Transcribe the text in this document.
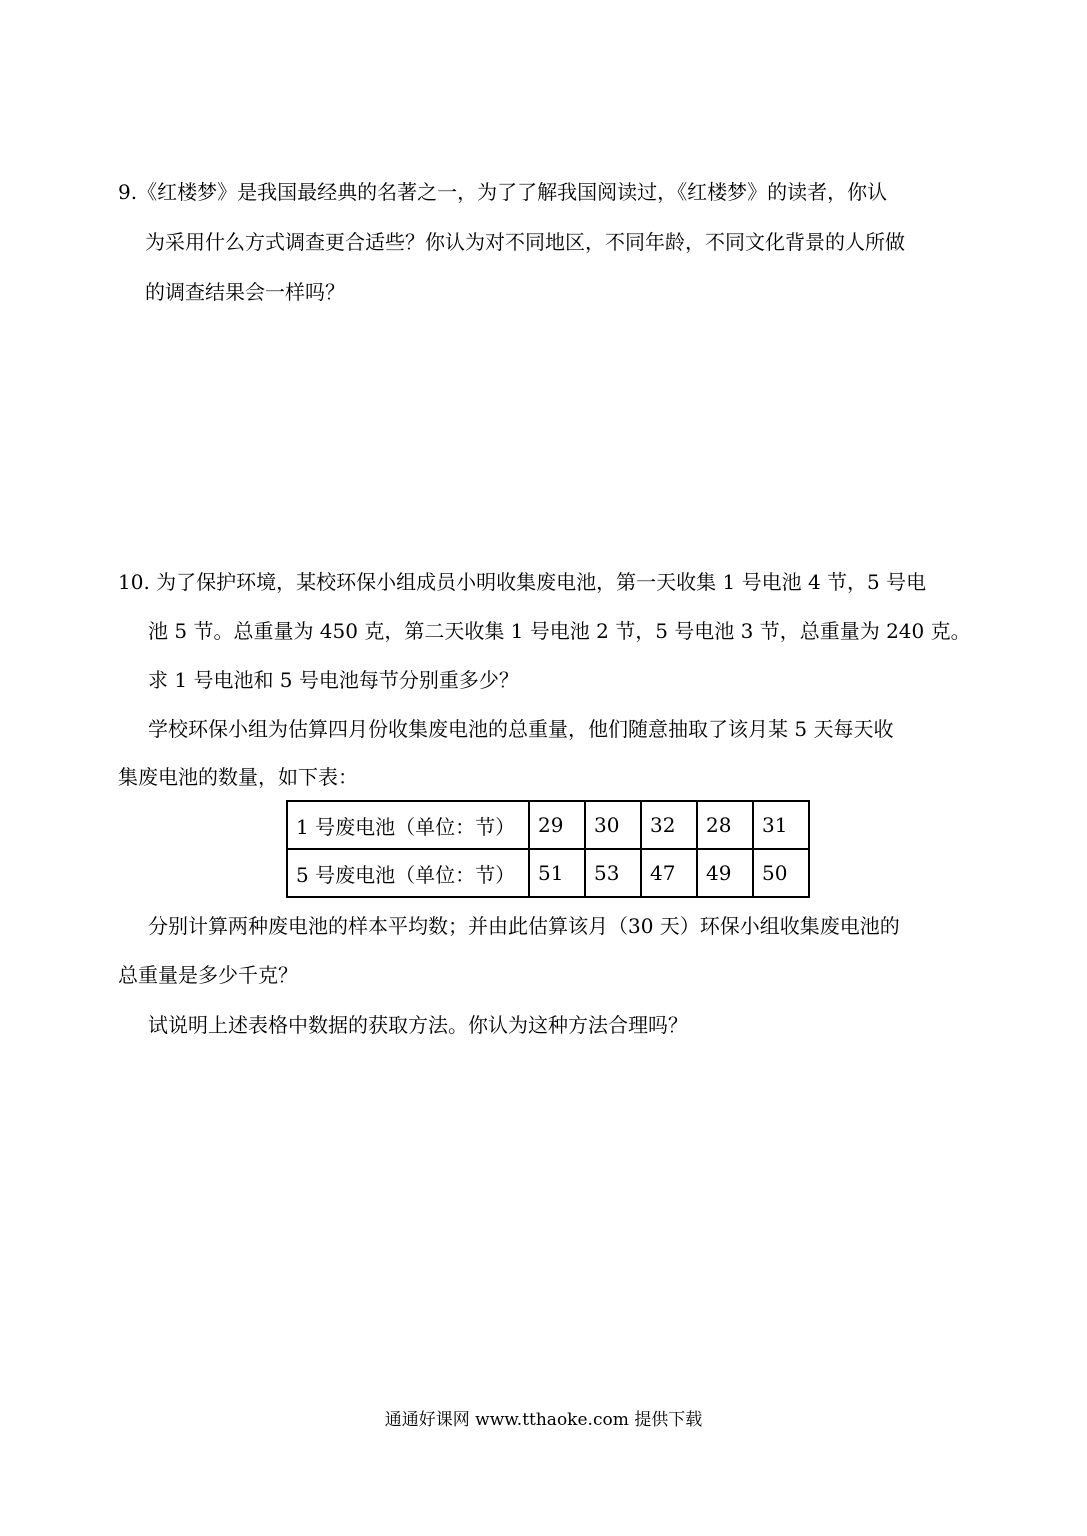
9.《红楼梦》是我国最经典的名著之一，为了了解我国阅读过，《红楼梦》的读者，你认
为采用什么方式调查更合适些？你认为对不同地区，不同年龄，不同文化背景的人所做
的调查结果会一样吗？
10. 为了保护环境，某校环保小组成员小明收集废电池，第一天收集 1 号电池 4 节，5 号电
池 5 节。总重量为 450 克，第二天收集 1 号电池 2 节，5 号电池 3 节，总重量为 240 克。
求 1 号电池和 5 号电池每节分别重多少？
学校环保小组为估算四月份收集废电池的总重量，他们随意抽取了该月某 5 天每天收
集废电池的数量，如下表：
1 号废电池（单位：节）	29	30	32	28	31
5 号废电池（单位：节）	51	53	47	49	50
分别计算两种废电池的样本平均数；并由此估算该月（30 天）环保小组收集废电池的
总重量是多少千克？
试说明上述表格中数据的获取方法。你认为这种方法合理吗？
通通好课网 www.tthaoke.com 提供下载
